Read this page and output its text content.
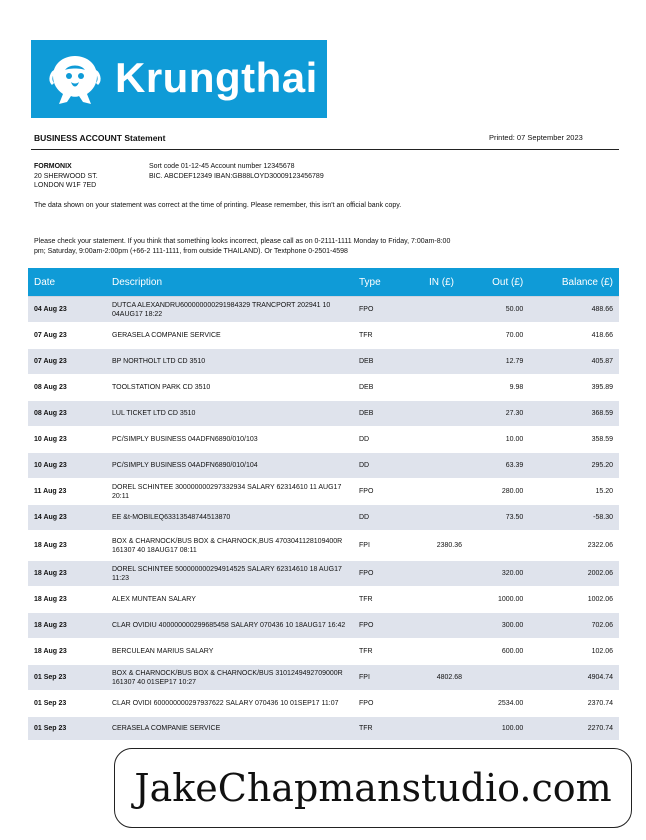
Krungthai
BUSINESS ACCOUNT Statement	Printed: 07 September 2023
FORMONIX
20 SHERWOOD ST.
LONDON W1F 7ED
Sort code 01-12-45 Account number 12345678
BIC. ABCDEF12349 IBAN:GB88LOYD30009123456789
The data shown on your statement was correct at the time of printing. Please remember, this isn't an official bank copy.
Please check your statement. If you think that something looks incorrect, please call as on 0-2111-1111 Monday to Friday, 7:00am-8:00 pm; Saturday, 9:00am-2:00pm (+66-2 111-1111, from outside THAILAND). Or Textphone 0-2501-4598
Date	Description	Type	IN (£)	Out (£)	Balance (£)
04 Aug 23	DUTCA ALEXANDRU600000000291984329 TRANCPORT 202941 10 04AUG17 18:22	FPO		50.00	488.66
07 Aug 23	GERASELA COMPANIE SERVICE	TFR		70.00	418.66
07 Aug 23	BP NORTHOLT LTD CD 3510	DEB		12.79	405.87
08 Aug 23	TOOLSTATION PARK CD 3510	DEB		9.98	395.89
08 Aug 23	LUL TICKET LTD CD 3510	DEB		27.30	368.59
10 Aug 23	PC/SIMPLY BUSINESS 04ADFN6890/010/103	DD		10.00	358.59
10 Aug 23	PC/SIMPLY BUSINESS 04ADFN6890/010/104	DD		63.39	295.20
11 Aug 23	DOREL SCHINTEE 300000000297332934 SALARY 62314610 11 AUG17 20:11	FPO		280.00	15.20
14 Aug 23	EE &t-MOBILEQ63313548744513870	DD		73.50	-58.30
18 Aug 23	BOX & CHARNOCK/BUS BOX & CHARNOCK,BUS 4703041128109400R 161307 40 18AUG17 08:11	FPI	2380.36		2322.06
18 Aug 23	DOREL SCHINTEE 500000000294914525 SALARY 62314610 18 AUG17 11:23	FPO		320.00	2002.06
18 Aug 23	ALEX MUNTEAN SALARY	TFR		1000.00	1002.06
18 Aug 23	CLAR OVIDIU 400000000299685458 SALARY 070436 10 18AUG17 16:42	FPO		300.00	702.06
18 Aug 23	BERCULEAN MARIUS SALARY	TFR		600.00	102.06
01 Sep 23	BOX & CHARNOCK/BUS BOX & CHARNOCK/BUS 3101249492709000R 161307 40 01SEP17 10:27	FPI	4802.68		4904.74
01 Sep 23	CLAR OVIDI 600000000297937622 SALARY 070436 10 01SEP17 11:07	FPO		2534.00	2370.74
01 Sep 23	CERASELA COMPANIE SERVICE	TFR		100.00	2270.74
JakeChapmanstudio.com
